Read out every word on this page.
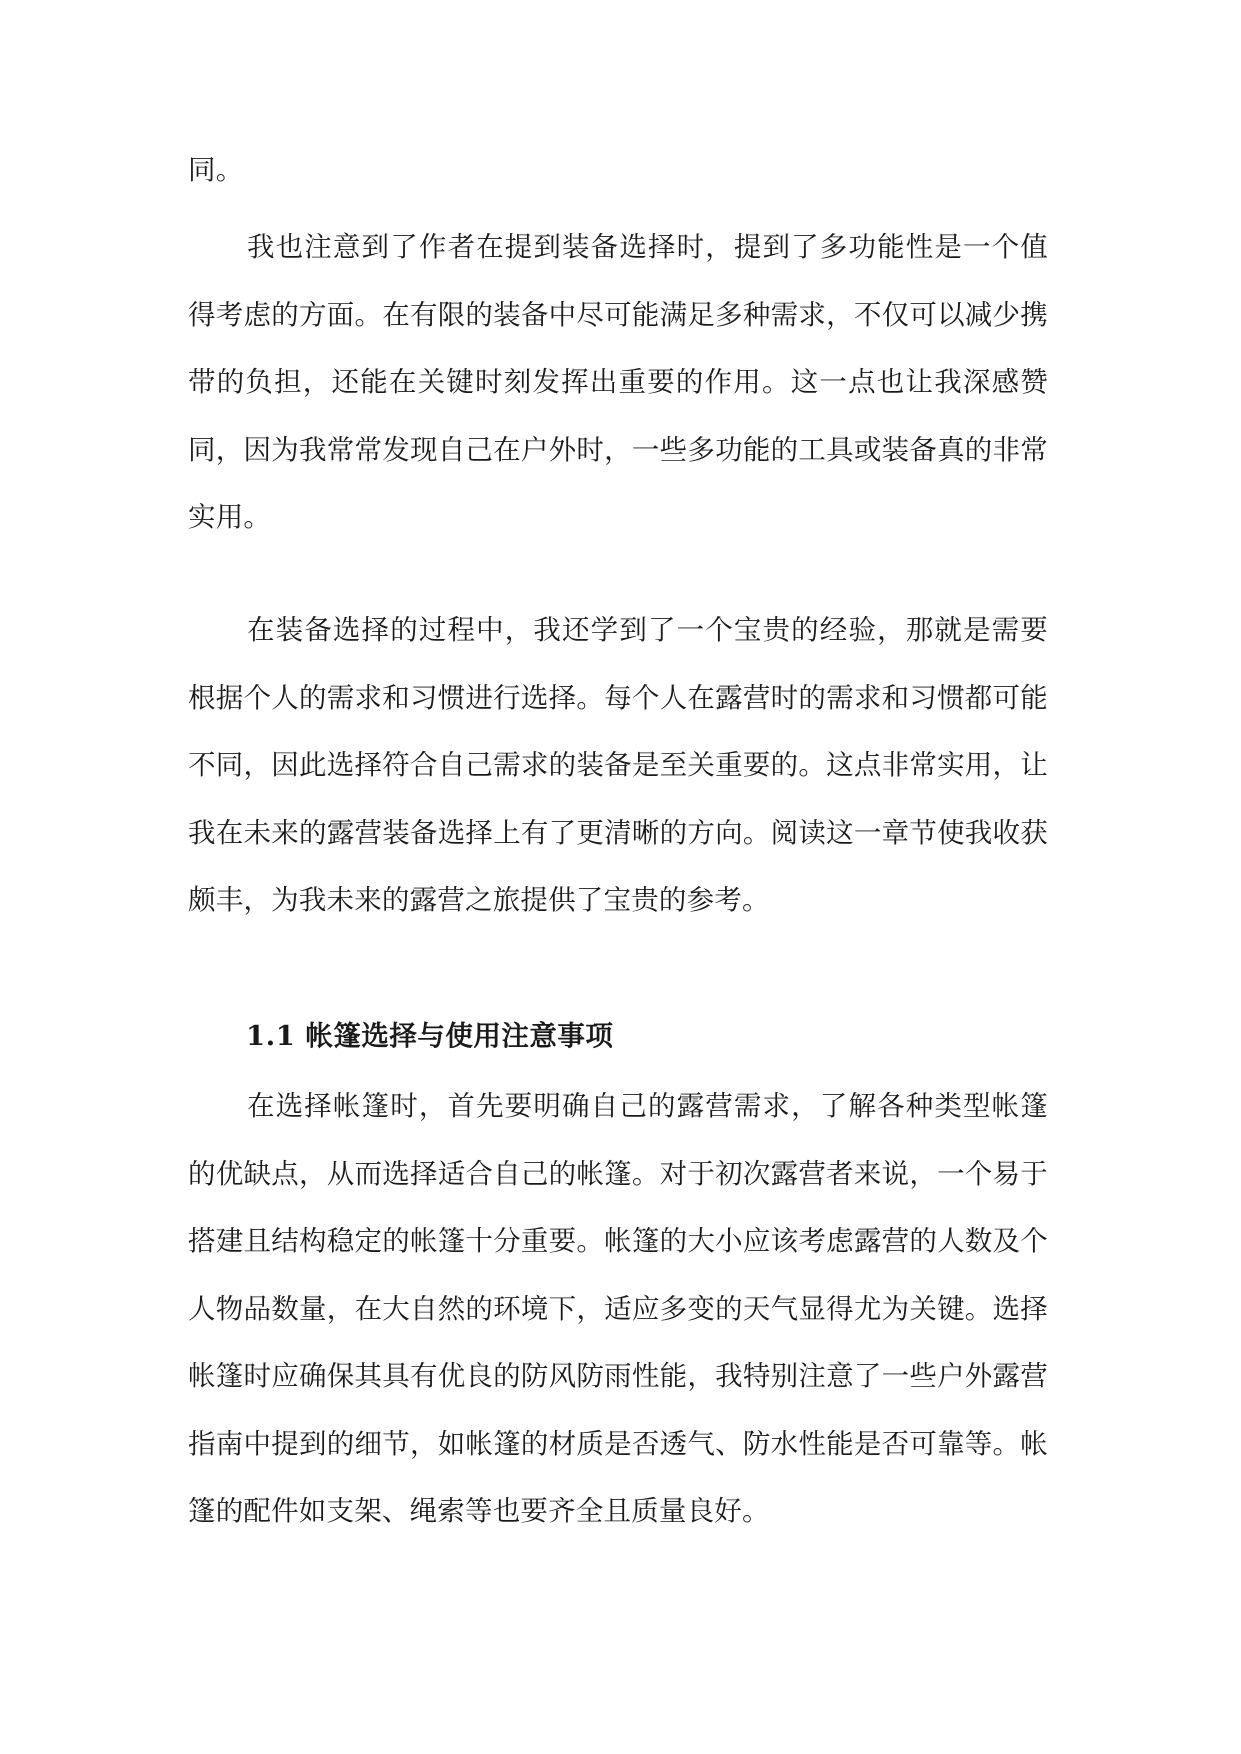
同。

我也注意到了作者在提到装备选择时，提到了多功能性是一个值得考虑的方面。在有限的装备中尽可能满足多种需求，不仅可以减少携带的负担，还能在关键时刻发挥出重要的作用。这一点也让我深感赞同，因为我常常发现自己在户外时，一些多功能的工具或装备真的非常实用。

在装备选择的过程中，我还学到了一个宝贵的经验，那就是需要根据个人的需求和习惯进行选择。每个人在露营时的需求和习惯都可能不同，因此选择符合自己需求的装备是至关重要的。这点非常实用，让我在未来的露营装备选择上有了更清晰的方向。阅读这一章节使我收获颇丰，为我未来的露营之旅提供了宝贵的参考。

1.1 帐篷选择与使用注意事项

在选择帐篷时，首先要明确自己的露营需求，了解各种类型帐篷的优缺点，从而选择适合自己的帐篷。对于初次露营者来说，一个易于搭建且结构稳定的帐篷十分重要。帐篷的大小应该考虑露营的人数及个人物品数量，在大自然的环境下，适应多变的天气显得尤为关键。选择帐篷时应确保其具有优良的防风防雨性能，我特别注意了一些户外露营指南中提到的细节，如帐篷的材质是否透气、防水性能是否可靠等。帐篷的配件如支架、绳索等也要齐全且质量良好。
